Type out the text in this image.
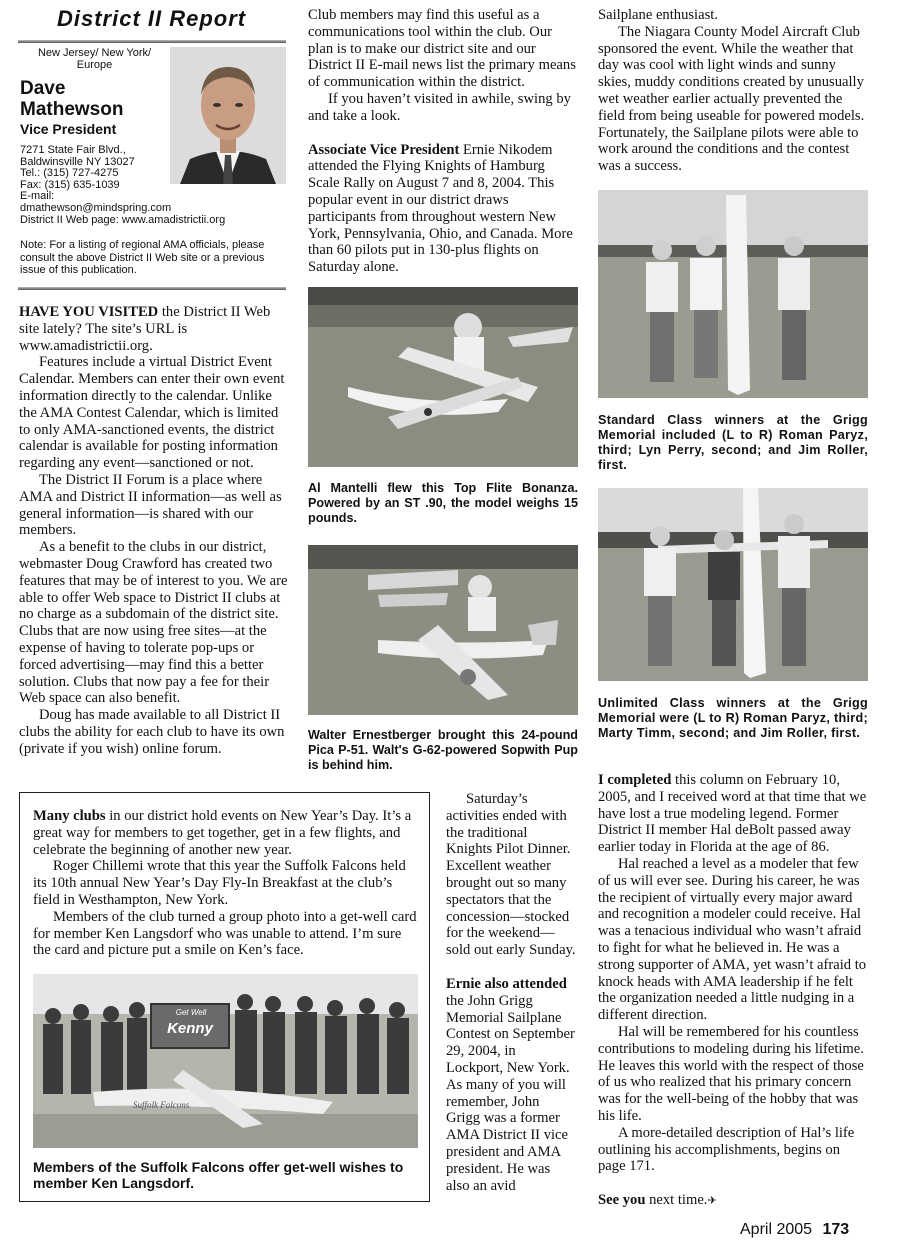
District II Report
New Jersey/ New York/ Europe
Dave
Mathewson
Vice President
7271 State Fair Blvd.,
Baldwinsville NY 13027
Tel.: (315) 727-4275
Fax: (315) 635-1039
E-mail:
dmathewson@mindspring.com
District II Web page: www.amadistrictii.org
Note: For a listing of regional AMA officials, please consult the above District II Web site or a previous issue of this publication.

HAVE YOU VISITED the District II Web site lately? The site’s URL is www.amadistrictii.org.

Features include a virtual District Event Calendar. Members can enter their own event information directly to the calendar. Unlike the AMA Contest Calendar, which is limited to only AMA-sanctioned events, the district calendar is available for posting information regarding any event—sanctioned or not.

The District II Forum is a place where AMA and District II information—as well as general information—is shared with our members.

As a benefit to the clubs in our district, webmaster Doug Crawford has created two features that may be of interest to you. We are able to offer Web space to District II clubs at no charge as a subdomain of the district site. Clubs that are now using free sites—at the expense of having to tolerate pop-ups or forced advertising—may find this a better solution. Clubs that now pay a fee for their Web space can also benefit.

Doug has made available to all District II clubs the ability for each club to have its own (private if you wish) online forum.

Club members may find this useful as a communications tool within the club. Our plan is to make our district site and our District II E-mail news list the primary means of communication within the district.

If you haven’t visited in awhile, swing by and take a look.

Associate Vice President Ernie Nikodem attended the Flying Knights of Hamburg Scale Rally on August 7 and 8, 2004. This popular event in our district draws participants from throughout western New York, Pennsylvania, Ohio, and Canada. More than 60 pilots put in 130-plus flights on Saturday alone.

Al Mantelli flew this Top Flite Bonanza. Powered by an ST .90, the model weighs 15 pounds.
Walter Ernestberger brought this 24-pound Pica P-51. Walt's G-62-powered Sopwith Pup is behind him.

Saturday’s activities ended with the traditional Knights Pilot Dinner. Excellent weather brought out so many spectators that the concession—stocked for the weekend—sold out early Sunday.

Ernie also attended the John Grigg Memorial Sailplane Contest on September 29, 2004, in Lockport, New York. As many of you will remember, John Grigg was a former AMA District II vice president and AMA president. He was also an avid

Sailplane enthusiast.

The Niagara County Model Aircraft Club sponsored the event. While the weather that day was cool with light winds and sunny skies, muddy conditions created by unusually wet weather earlier actually prevented the field from being useable for powered models. Fortunately, the Sailplane pilots were able to work around the conditions and the contest was a success.

Standard Class winners at the Grigg Memorial included (L to R) Roman Paryz, third; Lyn Perry, second; and Jim Roller, first.
Unlimited Class winners at the Grigg Memorial were (L to R) Roman Paryz, third; Marty Timm, second; and Jim Roller, first.

I completed this column on February 10, 2005, and I received word at that time that we have lost a true modeling legend. Former District II member Hal deBolt passed away earlier today in Florida at the age of 86.

Hal reached a level as a modeler that few of us will ever see. During his career, he was the recipient of virtually every major award and recognition a modeler could receive. Hal was a tenacious individual who wasn’t afraid to fight for what he believed in. He was a strong supporter of AMA, yet wasn’t afraid to knock heads with AMA leadership if he felt the organization needed a little nudging in a different direction.

Hal will be remembered for his countless contributions to modeling during his lifetime. He leaves this world with the respect of those of us who realized that his primary concern was for the well-being of the hobby that was his life.

A more-detailed description of Hal’s life outlining his accomplishments, begins on page 171.

See you next time.✈

Many clubs in our district hold events on New Year’s Day. It’s a great way for members to get together, get in a few flights, and celebrate the beginning of another new year.

Roger Chillemi wrote that this year the Suffolk Falcons held its 10th annual New Year’s Day Fly-In Breakfast at the club’s field in Westhampton, New York.

Members of the club turned a group photo into a get-well card for member Ken Langsdorf who was unable to attend. I’m sure the card and picture put a smile on Ken’s face.

Get Well
Kenny
Suffolk Falcons
Members of the Suffolk Falcons offer get-well wishes to member Ken Langsdorf.
April 2005 173
